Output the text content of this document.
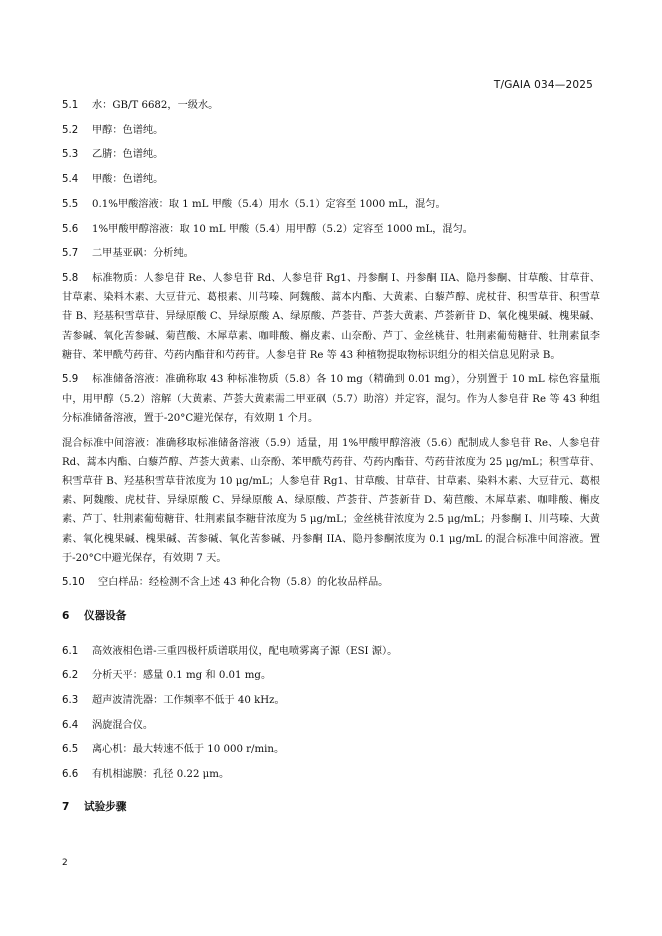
T/GAIA 034—2025
5.1 水：GB/T 6682，一级水。
5.2 甲醇：色谱纯。
5.3 乙腈：色谱纯。
5.4 甲酸：色谱纯。
5.5 0.1%甲酸溶液：取 1 mL 甲酸（5.4）用水（5.1）定容至 1000 mL，混匀。
5.6 1%甲酸甲醇溶液：取 10 mL 甲酸（5.4）用甲醇（5.2）定容至 1000 mL，混匀。
5.7 二甲基亚砜：分析纯。
5.8 标准物质：人参皂苷 Re、人参皂苷 Rd、人参皂苷 Rg1、丹参酮 I、丹参酮 IIA、隐丹参酮、甘草酸、甘草苷、甘草素、染料木素、大豆苷元、葛根素、川芎嗪、阿魏酸、蒿本内酯、大黄素、白藜芦醇、虎杖苷、积雪草苷、积雪草苷 B、羟基积雪草苷、异绿原酸 C、异绿原酸 A、绿原酸、芦荟苷、芦荟大黄素、芦荟新苷 D、氧化槐果碱、槐果碱、苦参碱、氧化苦参碱、菊苣酸、木犀草素、咖啡酸、槲皮素、山奈酚、芦丁、金丝桃苷、牡荆素葡萄糖苷、牡荆素鼠李糖苷、苯甲酰芍药苷、芍药内酯苷和芍药苷。人参皂苷 Re 等 43 种植物提取物标识组分的相关信息见附录 B。
5.9 标准储备溶液：准确称取 43 种标准物质（5.8）各 10 mg（精确到 0.01 mg），分别置于 10 mL 棕色容量瓶中，用甲醇（5.2）溶解（大黄素、芦荟大黄素需二甲亚砜（5.7）助溶）并定容，混匀。作为人参皂苷 Re 等 43 种组分标准储备溶液，置于-20°C避光保存，有效期 1 个月。
混合标准中间溶液：准确移取标准储备溶液（5.9）适量，用 1%甲酸甲醇溶液（5.6）配制成人参皂苷 Re、人参皂苷 Rd、蒿本内酯、白藜芦醇、芦荟大黄素、山奈酚、苯甲酰芍药苷、芍药内酯苷、芍药苷浓度为 25 μg/mL；积雪草苷、积雪草苷 B、羟基积雪草苷浓度为 10 μg/mL；人参皂苷 Rg1、甘草酸、甘草苷、甘草素、染料木素、大豆苷元、葛根素、阿魏酸、虎杖苷、异绿原酸 C、异绿原酸 A、绿原酸、芦荟苷、芦荟新苷 D、菊苣酸、木犀草素、咖啡酸、槲皮素、芦丁、牡荆素葡萄糖苷、牡荆素鼠李糖苷浓度为 5 μg/mL；金丝桃苷浓度为 2.5 μg/mL；丹参酮 I、川芎嗪、大黄素、氧化槐果碱、槐果碱、苦参碱、氧化苦参碱、丹参酮 IIA、隐丹参酮浓度为 0.1 μg/mL 的混合标准中间溶液。置于-20°C中避光保存，有效期 7 天。
5.10 空白样品：经检测不含上述 43 种化合物（5.8）的化妆品样品。
6 仪器设备
6.1 高效液相色谱-三重四极杆质谱联用仪，配电喷雾离子源（ESI 源）。
6.2 分析天平：感量 0.1 mg 和 0.01 mg。
6.3 超声波清洗器：工作频率不低于 40 kHz。
6.4 涡旋混合仪。
6.5 离心机：最大转速不低于 10 000 r/min。
6.6 有机相滤膜：孔径 0.22 μm。
7 试验步骤
2
